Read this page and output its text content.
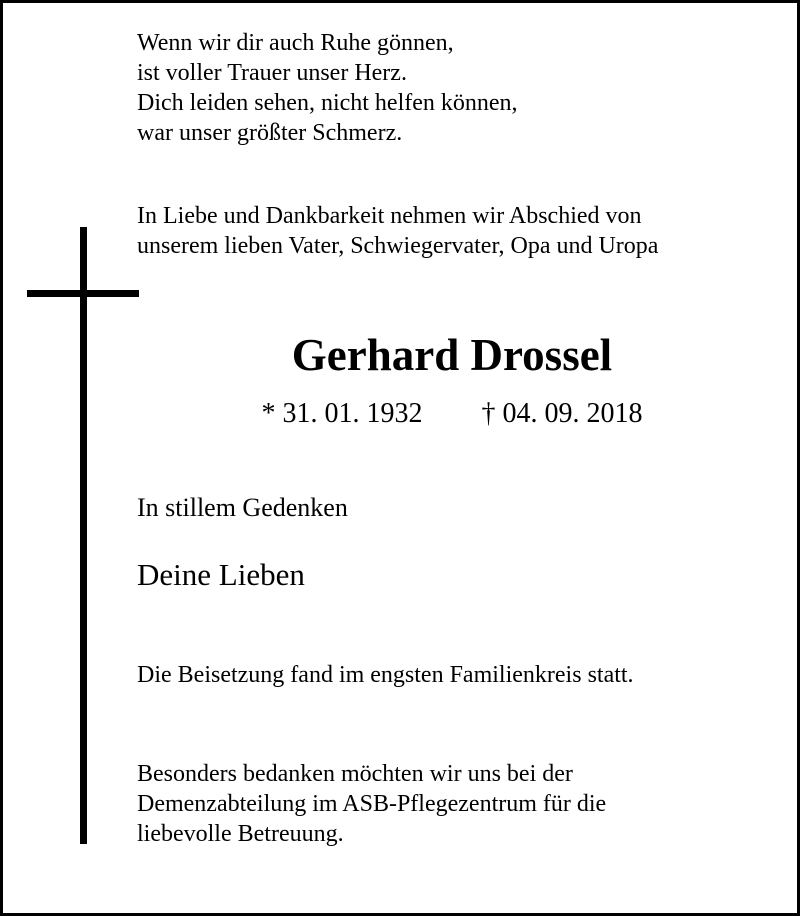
Wenn wir dir auch Ruhe gönnen,
ist voller Trauer unser Herz.
Dich leiden sehen, nicht helfen können,
war unser größter Schmerz.
In Liebe und Dankbarkeit nehmen wir Abschied von
unserem lieben Vater, Schwiegervater, Opa und Uropa
Gerhard Drossel
* 31. 01. 1932 † 04. 09. 2018
In stillem Gedenken
Deine Lieben
Die Beisetzung fand im engsten Familienkreis statt.
Besonders bedanken möchten wir uns bei der
Demenzabteilung im ASB-Pflegezentrum für die
liebevolle Betreuung.
